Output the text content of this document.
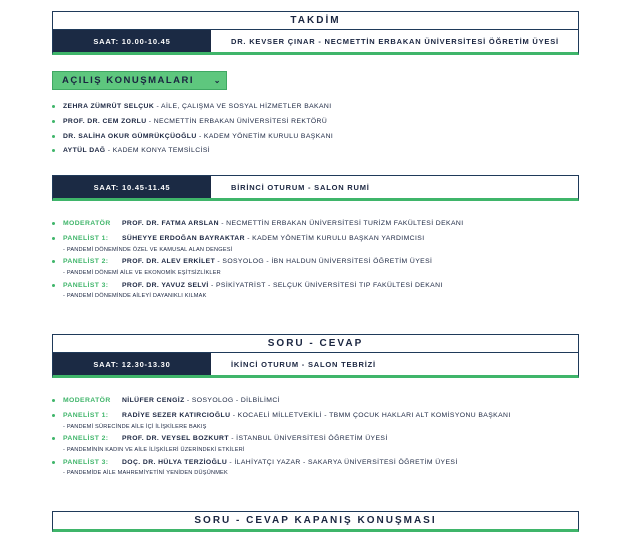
TAKDİM
SAAT: 10.00-10.45	DR. KEVSER ÇINAR - NECMETTİN ERBAKAN ÜNİVERSİTESİ ÖĞRETİM ÜYESİ
AÇILIŞ KONUŞMALARI ⌄
ZEHRA ZÜMRÜT SELÇUK - AİLE, ÇALIŞMA VE SOSYAL HİZMETLER BAKANI
PROF. DR. CEM ZORLU - NECMETTİN ERBAKAN ÜNİVERSİTESİ REKTÖRÜ
DR. SALİHA OKUR GÜMRÜKÇÜOĞLU - KADEM YÖNETİM KURULU BAŞKANI
AYTÜL DAĞ - KADEM KONYA TEMSİLCİSİ
SAAT: 10.45-11.45	BİRİNCİ OTURUM - SALON RUMİ
MODERATÖR PROF. DR. FATMA ARSLAN - NECMETTİN ERBAKAN ÜNİVERSİTESİ TURİZM FAKÜLTESİ DEKANI
PANELİST 1: SÜHEYYE ERDOĞAN BAYRAKTAR - KADEM YÖNETİM KURULU BAŞKAN YARDIMCISI
- PANDEMİ DÖNEMİNDE ÖZEL VE KAMUSAL ALAN DENGESİ
PANELİST 2: PROF. DR. ALEV ERKİLET - SOSYOLOG - İBN HALDUN ÜNİVERSİTESİ ÖĞRETİM ÜYESİ
- PANDEMİ DÖNEMİ AİLE VE EKONOMİK EŞİTSİZLİKLER
PANELİST 3: PROF. DR. YAVUZ SELVİ - PSİKİYATRİST - SELÇUK ÜNİVERSİTESİ TIP FAKÜLTESİ DEKANI
- PANDEMİ DÖNEMİNDE AİLEYİ DAYANIKLI KILMAK
SORU - CEVAP
SAAT: 12.30-13.30	İKİNCİ OTURUM - SALON TEBRİZİ
MODERATÖR NİLÜFER CENGİZ - SOSYOLOG - DİLBİLİMCİ
PANELİST 1: RADİYE SEZER KATIRCIOĞLU - KOCAELİ MİLLETVEKİLİ - TBMM ÇOCUK HAKLARI ALT KOMİSYONU BAŞKANI
- PANDEMİ SÜRECİNDE AİLE İÇİ İLİŞKİLERE BAKIŞ
PANELİST 2: PROF. DR. VEYSEL BOZKURT - İSTANBUL ÜNİVERSİTESİ ÖĞRETİM ÜYESİ
- PANDEMİNİN KADIN VE AİLE İLİŞKİLERİ ÜZERİNDEKİ ETKİLERİ
PANELİST 3: DOÇ. DR. HÜLYA TERZİOĞLU - İLAHİYATÇI YAZAR - SAKARYA ÜNİVERSİTESİ ÖĞRETİM ÜYESİ
- PANDEMİDE AİLE MAHREMİYETİNİ YENİDEN DÜŞÜNMEK
SORU - CEVAP KAPANIŞ KONUŞMASI
